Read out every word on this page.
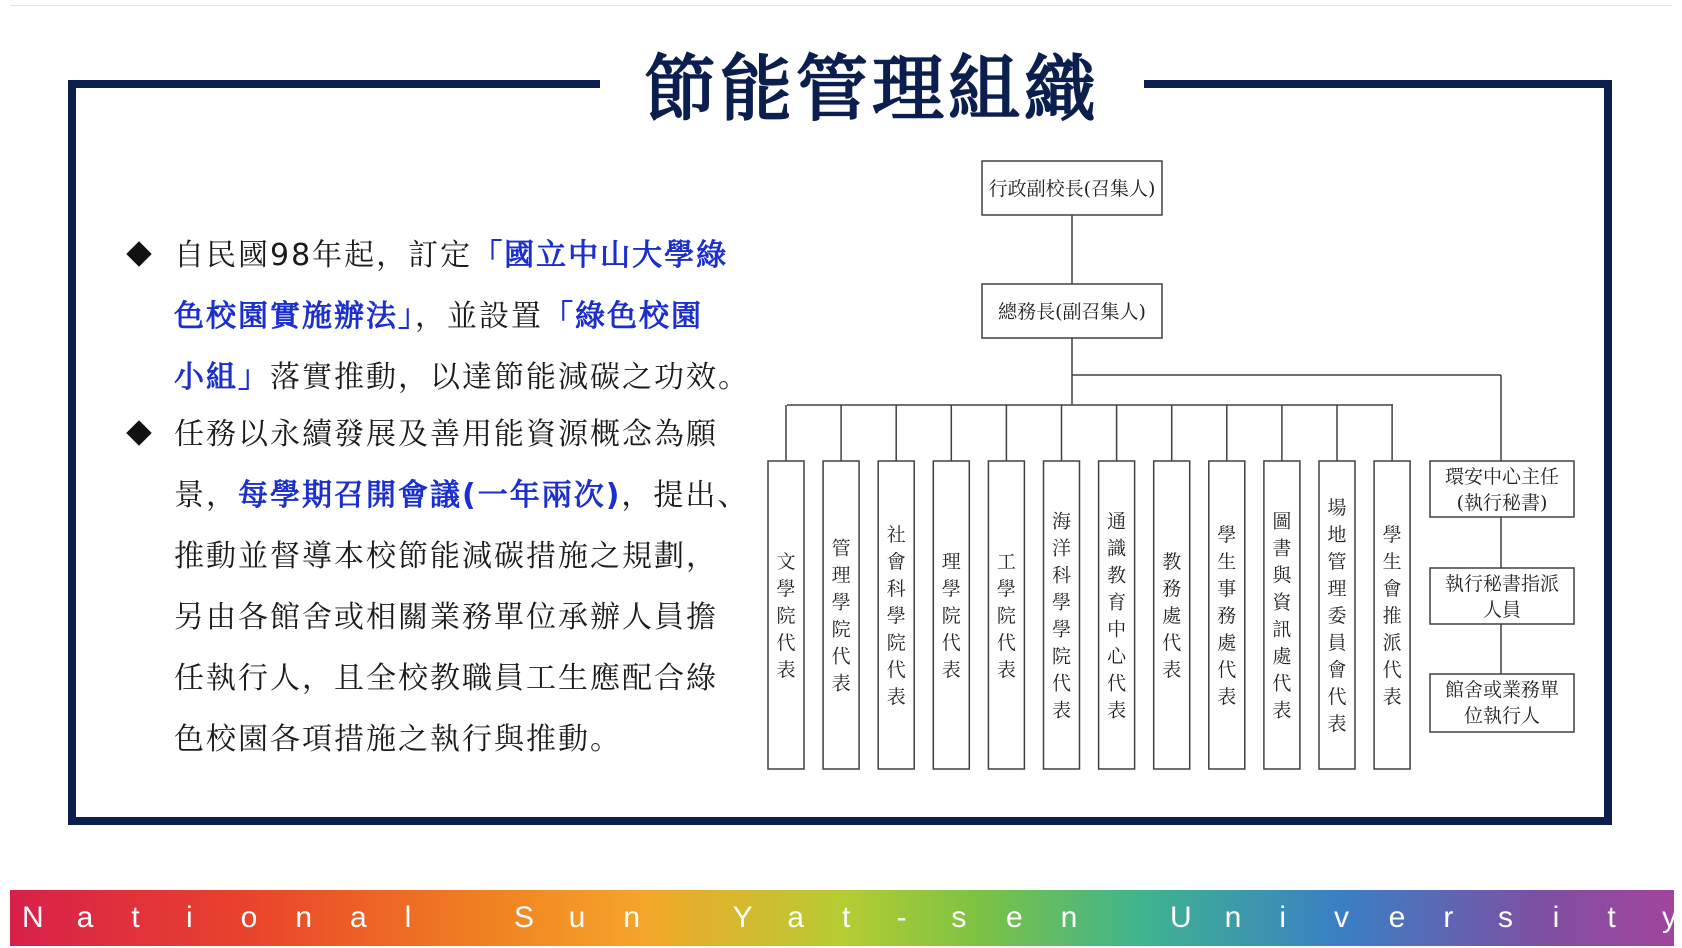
節能管理組織
自民國98年起，訂定「國立中山大學綠
色校園實施辦法」，並設置「綠色校園
小組」落實推動，以達節能減碳之功效。
任務以永續發展及善用能資源概念為願
景，每學期召開會議(一年兩次)，提出、
推動並督導本校節能減碳措施之規劃，
另由各館舍或相關業務單位承辦人員擔
任執行人，且全校教職員工生應配合綠
色校園各項措施之執行與推動。
行政副校長(召集人)
總務長(副召集人)
文學院代表
管理學院代表
社會科學院代表
理學院代表
工學院代表
海洋科學學院代表
通識教育中心代表
教務處代表
學生事務處代表
圖書與資訊處代表
場地管理委員會代表
學生會推派代表
環安中心主任
(執行秘書)
執行秘書指派
人員
館舍或業務單
位執行人
N a t i o n a l	S u n	Y a t - s e n	U n i v e r s i t y
